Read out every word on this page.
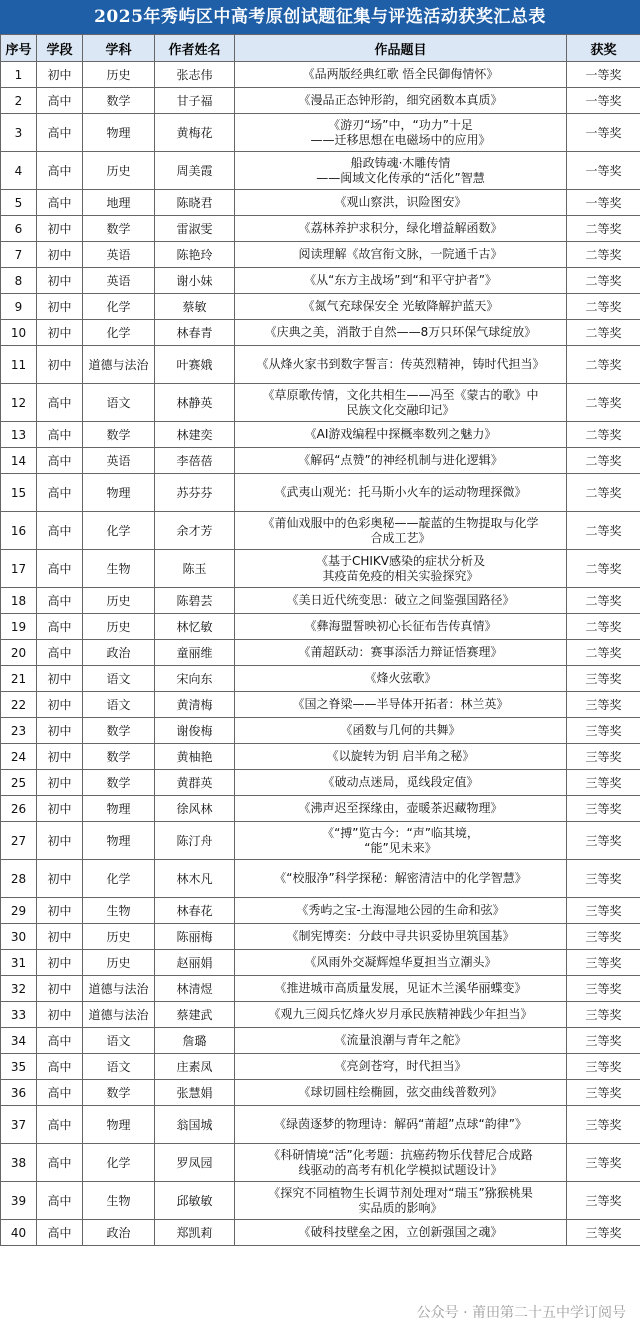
2025年秀屿区中高考原创试题征集与评选活动获奖汇总表
序号	学段	学科	作者姓名	作品题目	获奖
1	初中	历史	张志伟	《品两版经典红歌 悟全民御侮情怀》	一等奖
2	高中	数学	甘子福	《漫品正态钟形韵，细究函数本真质》	一等奖
3	高中	物理	黄梅花	《游刃“场”中，“功力”十足
——迁移思想在电磁场中的应用》	一等奖
4	高中	历史	周美霞	船政铸魂·木雕传情
——闽域文化传承的“活化”智慧	一等奖
5	高中	地理	陈晓君	《观山察洪，识险图安》	一等奖
6	初中	数学	雷淑雯	《荔林养护求积分，绿化增益解函数》	二等奖
7	初中	英语	陈艳玲	阅读理解《故宫衔文脉，一院通千古》	二等奖
8	初中	英语	谢小妹	《从“东方主战场”到“和平守护者”》	二等奖
9	初中	化学	蔡敏	《氮气充球保安全 光敏降解护蓝天》	二等奖
10	初中	化学	林春青	《庆典之美，消散于自然——8万只环保气球绽放》	二等奖
11	初中	道德与法治	叶赛娥	《从烽火家书到数字誓言：传英烈精神，铸时代担当》	二等奖
12	高中	语文	林静英	《草原歌传情，文化共相生——冯至《蒙古的歌》中
民族文化交融印记》	二等奖
13	高中	数学	林建奕	《AI游戏编程中探概率数列之魅力》	二等奖
14	高中	英语	李蓓蓓	《解码“点赞”的神经机制与进化逻辑》	二等奖
15	高中	物理	苏芬芬	《武夷山观光：托马斯小火车的运动物理探微》	二等奖
16	高中	化学	余才芳	《莆仙戏服中的色彩奥秘——靛蓝的生物提取与化学
合成工艺》	二等奖
17	高中	生物	陈玉	《基于CHIKV感染的症状分析及
其疫苗免疫的相关实验探究》	二等奖
18	高中	历史	陈碧芸	《美日近代统变思：破立之间鉴强国路径》	二等奖
19	高中	历史	林忆敏	《彝海盟誓映初心长征布告传真情》	二等奖
20	高中	政治	童丽维	《莆超跃动：赛事添活力辩证悟赛理》	二等奖
21	初中	语文	宋向东	《烽火弦歌》	三等奖
22	初中	语文	黄清梅	《国之脊梁——半导体开拓者：林兰英》	三等奖
23	初中	数学	谢俊梅	《函数与几何的共舞》	三等奖
24	初中	数学	黄柚艳	《以旋转为钥 启半角之秘》	三等奖
25	初中	数学	黄群英	《破动点迷局，觅线段定值》	三等奖
26	初中	物理	徐风林	《沸声迟至探缘由，壶暖茶迟藏物理》	三等奖
27	初中	物理	陈汀舟	《“搏”览古今：“声”临其境，
“能”见未来》	三等奖
28	初中	化学	林木凡	《“校服净”科学探秘：解密清洁中的化学智慧》	三等奖
29	初中	生物	林春花	《秀屿之宝-土海湿地公园的生命和弦》	三等奖
30	初中	历史	陈丽梅	《制宪博奕：分歧中寻共识妥协里筑国基》	三等奖
31	初中	历史	赵丽娟	《风雨外交凝辉煌华夏担当立潮头》	三等奖
32	初中	道德与法治	林清煜	《推进城市高质量发展，见证木兰溪华丽蝶变》	三等奖
33	初中	道德与法治	蔡建武	《观九三阅兵忆烽火岁月承民族精神践少年担当》	三等奖
34	高中	语文	詹璐	《流量浪潮与青年之舵》	三等奖
35	高中	语文	庄素凤	《亮剑苍穹，时代担当》	三等奖
36	高中	数学	张慧娟	《球切圆柱绘椭圆，弦交曲线普数列》	三等奖
37	高中	物理	翁国城	《绿茵逐梦的物理诗：解码“莆超”点球“韵律”》	三等奖
38	高中	化学	罗凤园	《科研情境“活”化考题：抗癌药物乐伐替尼合成路
线驱动的高考有机化学模拟试题设计》	三等奖
39	高中	生物	邱敏敏	《探究不同植物生长调节剂处理对“瑞玉”猕猴桃果
实品质的影响》	三等奖
40	高中	政治	郑凯莉	《破科技壁垒之困，立创新强国之魂》	三等奖
公众号 · 莆田第二十五中学订阅号
